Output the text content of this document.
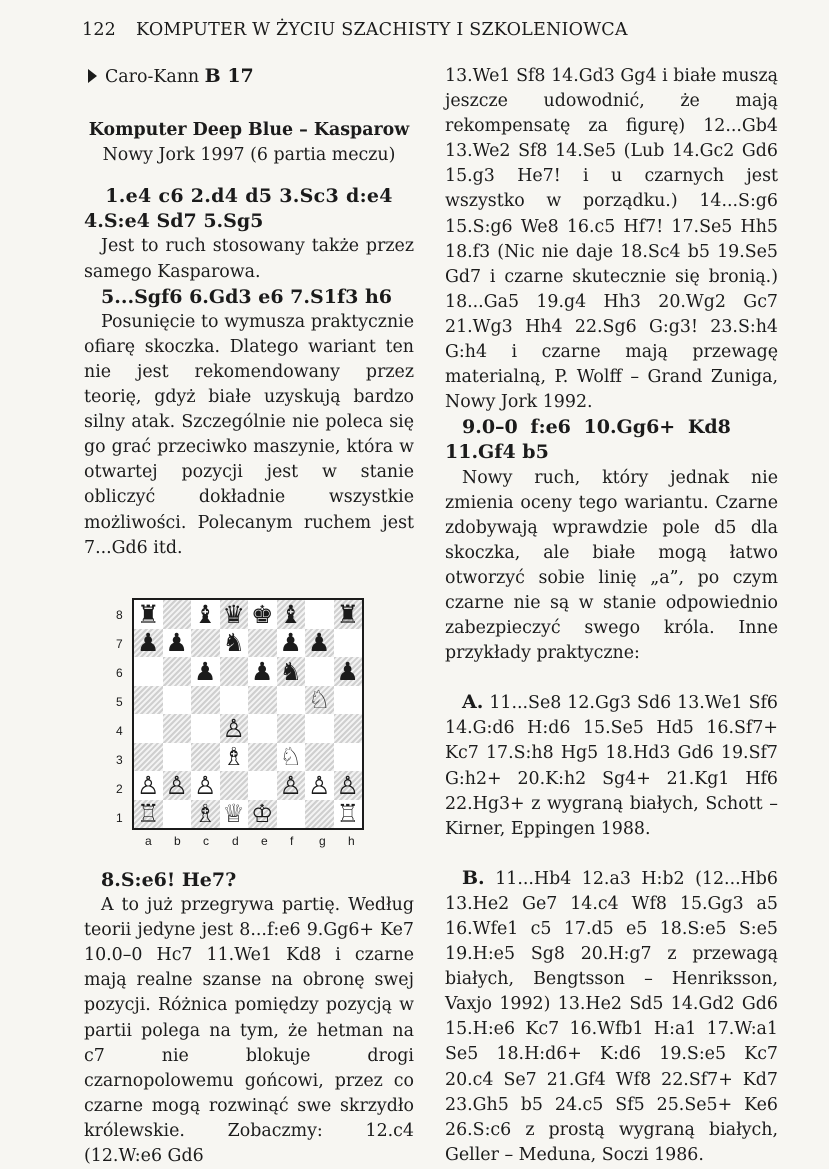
122 KOMPUTER W ŻYCIU SZACHISTY I SZKOLENIOWCA

Caro-Kann B 17

Komputer Deep Blue – Kasparow

Nowy Jork 1997 (6 partia meczu)

1.e4 c6 2.d4 d5 3.Sc3 d:e4

4.S:e4 Sd7 5.Sg5

Jest to ruch stosowany także przez samego Kasparowa.

5...Sgf6 6.Gd3 e6 7.S1f3 h6

Posunięcie to wymusza praktycznie ofiarę skoczka. Dlatego wariant ten nie jest rekomendowany przez teorię, gdyż białe uzyskują bardzo silny atak. Szczególnie nie poleca się go grać przeciwko maszynie, która w otwartej pozycji jest w stanie obliczyć dokładnie wszystkie możliwości. Polecanym ruchem jest 7...Gd6 itd.

♜ ♝ ♛ ♚ ♝ ♜
♟ ♟ ♞ ♟ ♟
♟ ♟ ♞ ♟
♘
♙
♗ ♘
♙ ♙ ♙	♙ ♙ ♙
♖ ♗ ♕ ♔	♖
8
7
6
5
4
3
2
1
a b c d e f g h

8.S:e6! He7?

A to już przegrywa partię. Według teorii jedyne jest 8...f:e6 9.Gg6+ Ke7 10.0–0 Hc7 11.We1 Kd8 i czarne mają realne szanse na obronę swej pozycji. Różnica pomiędzy pozycją w partii polega na tym, że hetman na c7 nie blokuje drogi czarnopolowemu gońcowi, przez co czarne mogą rozwinąć swe skrzydło królewskie. Zobaczmy: 12.c4 (12.W:e6 Gd6

13.We1 Sf8 14.Gd3 Gg4 i białe muszą jeszcze udowodnić, że mają rekompensatę za figurę) 12...Gb4 13.We2 Sf8 14.Se5 (Lub 14.Gc2 Gd6 15.g3 He7! i u czarnych jest wszystko w porządku.) 14...S:g6 15.S:g6 We8 16.c5 Hf7! 17.Se5 Hh5 18.f3 (Nic nie daje 18.Sc4 b5 19.Se5 Gd7 i czarne skutecznie się bronią.) 18...Ga5 19.g4 Hh3 20.Wg2 Gc7 21.Wg3 Hh4 22.Sg6 G:g3! 23.S:h4 G:h4 i czarne mają przewagę materialną, P. Wolff – Grand Zuniga, Nowy Jork 1992.

9.0–0 f:e6 10.Gg6+ Kd8

11.Gf4 b5

Nowy ruch, który jednak nie zmienia oceny tego wariantu. Czarne zdobywają wprawdzie pole d5 dla skoczka, ale białe mogą łatwo otworzyć sobie linię „a”, po czym czarne nie są w stanie odpowiednio zabezpieczyć swego króla. Inne przykłady praktyczne:

A. 11...Se8 12.Gg3 Sd6 13.We1 Sf6 14.G:d6 H:d6 15.Se5 Hd5 16.Sf7+ Kc7 17.S:h8 Hg5 18.Hd3 Gd6 19.Sf7 G:h2+ 20.K:h2 Sg4+ 21.Kg1 Hf6 22.Hg3+ z wygraną białych, Schott – Kirner, Eppingen 1988.

B. 11...Hb4 12.a3 H:b2 (12...Hb6 13.He2 Ge7 14.c4 Wf8 15.Gg3 a5 16.Wfe1 c5 17.d5 e5 18.S:e5 S:e5 19.H:e5 Sg8 20.H:g7 z przewagą białych, Bengtsson – Henriksson, Vaxjo 1992) 13.He2 Sd5 14.Gd2 Gd6 15.H:e6 Kc7 16.Wfb1 H:a1 17.W:a1 Se5 18.H:d6+ K:d6 19.S:e5 Kc7 20.c4 Se7 21.Gf4 Wf8 22.Sf7+ Kd7 23.Gh5 b5 24.c5 Sf5 25.Se5+ Ke6 26.S:c6 z prostą wygraną białych, Geller – Meduna, Soczi 1986.
